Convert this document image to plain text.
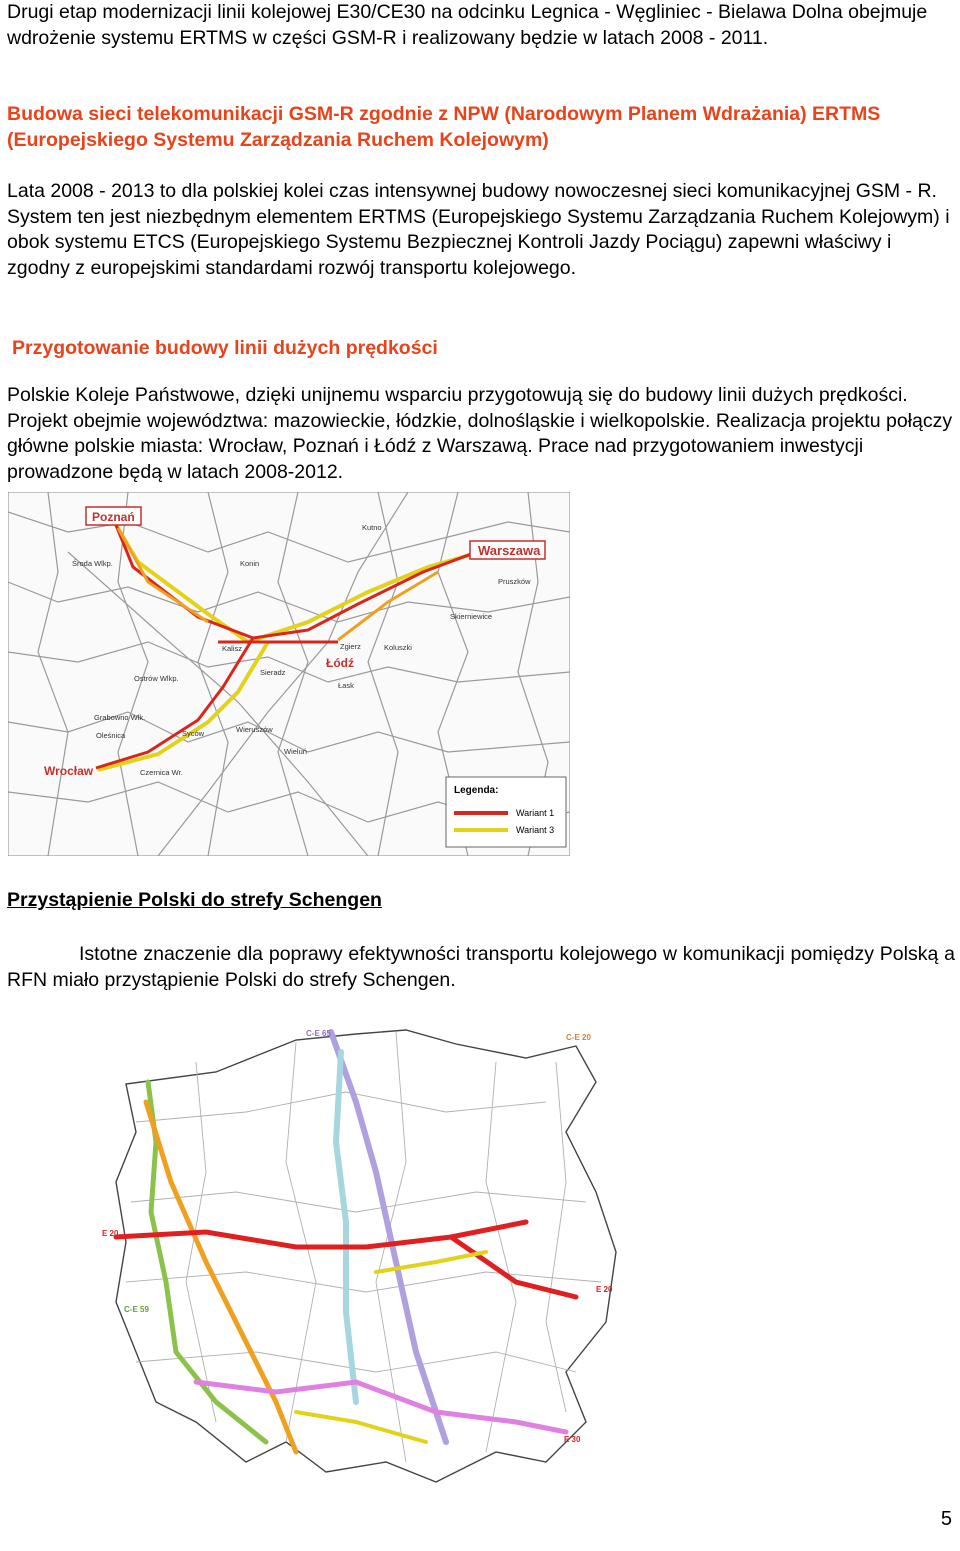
Drugi etap modernizacji linii kolejowej E30/CE30 na odcinku Legnica - Węgliniec - Bielawa Dolna obejmuje wdrożenie systemu ERTMS w części GSM-R i realizowany będzie w latach 2008 - 2011.

Budowa sieci telekomunikacji GSM-R zgodnie z NPW (Narodowym Planem Wdrażania) ERTMS (Europejskiego Systemu Zarządzania Ruchem Kolejowym)

Lata 2008 - 2013 to dla polskiej kolei czas intensywnej budowy nowoczesnej sieci komunikacyjnej GSM - R. System ten jest niezbędnym elementem ERTMS (Europejskiego Systemu Zarządzania Ruchem Kolejowym) i obok systemu ETCS (Europejskiego Systemu Bezpiecznej Kontroli Jazdy Pociągu) zapewni właściwy i zgodny z europejskimi standardami rozwój transportu kolejowego.

Przygotowanie budowy linii dużych prędkości

Polskie Koleje Państwowe, dzięki unijnemu wsparciu przygotowują się do budowy linii dużych prędkości. Projekt obejmie województwa: mazowieckie, łódzkie, dolnośląskie i wielkopolskie. Realizacja projektu połączy główne polskie miasta: Wrocław, Poznań i Łódź z Warszawą. Prace nad przygotowaniem inwestycji prowadzone będą w latach 2008-2012.

Poznań
Warszawa
Łódź
Wrocław
Środa Wlkp.	Konin
Kutno
Pruszków
Skierniewice
Zgierz	Koluszki
Kalisz
Łask
Sieradz
Ostrów Wlkp.
Grabowno Wlk.
Syców	Wieruszów
Wieluń
Oleśnica
Czernica Wr.
Legenda:
Wariant 1
Wariant 3

Przystąpienie Polski do strefy Schengen

Istotne znaczenie dla poprawy efektywności transportu kolejowego w komunikacji pomiędzy Polską a RFN miało przystąpienie Polski do strefy Schengen.

E 20
E 20
E 30
C-E 59
C-E 65	C-E 20
5
